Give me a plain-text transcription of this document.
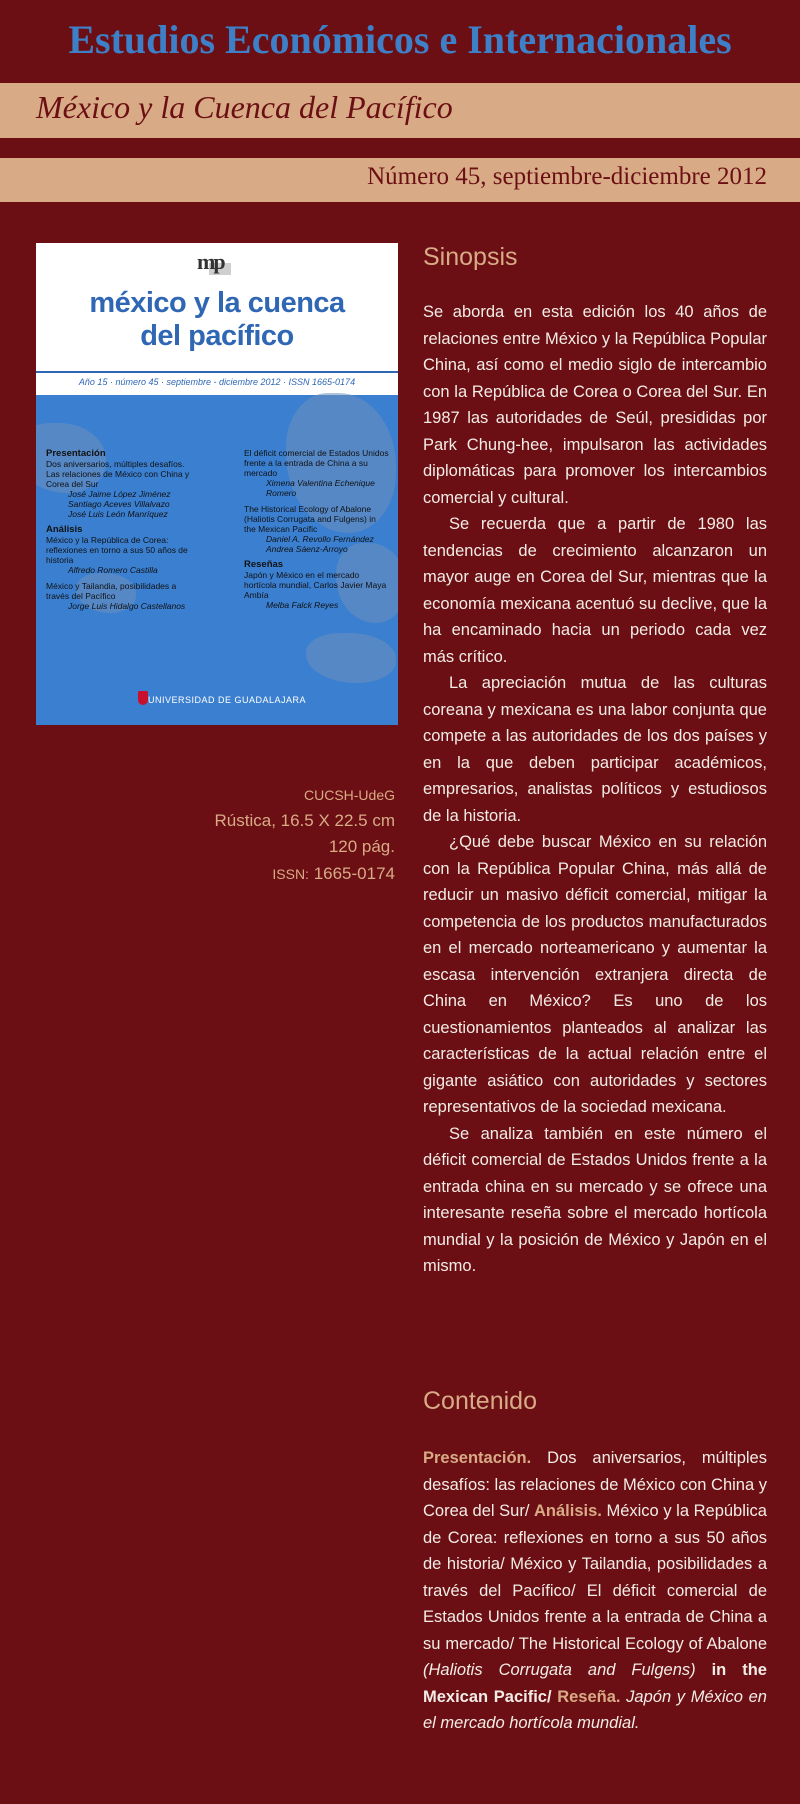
Estudios Económicos e Internacionales
México y la Cuenca del Pacífico
Número 45, septiembre-diciembre 2012
mp
méxico y la cuenca
del pacífico
Año 15 · número 45 · septiembre - diciembre 2012 · ISSN 1665-0174
Presentación
Dos aniversarios, múltiples desafíos. Las relaciones de México con China y Corea del Sur
José Jaime López Jiménez
Santiago Aceves Villalvazo
José Luis León Manríquez
Análisis
México y la República de Corea: reflexiones en torno a sus 50 años de historia
Alfredo Romero Castilla
México y Tailandia, posibilidades a través del Pacífico
Jorge Luis Hidalgo Castellanos
El déficit comercial de Estados Unidos frente a la entrada de China a su mercado
Ximena Valentina Echenique Romero
The Historical Ecology of Abalone (Haliotis Corrugata and Fulgens) in the Mexican Pacific
Daniel A. Revollo Fernández
Andrea Sáenz-Arroyo
Reseñas
Japón y México en el mercado hortícola mundial, Carlos Javier Maya Ambía
Melba Falck Reyes
UNIVERSIDAD DE GUADALAJARA
CUCSH-UdeG
Rústica, 16.5 X 22.5 cm
120 pág.
ISSN: 1665-0174
Sinopsis

Se aborda en esta edición los 40 años de relaciones entre México y la República Popular China, así como el medio siglo de intercambio con la República de Corea o Corea del Sur. En 1987 las autoridades de Seúl, presididas por Park Chung-hee, impulsaron las actividades diplomáticas para promover los intercambios comercial y cultural.

Se recuerda que a partir de 1980 las tendencias de crecimiento alcanzaron un mayor auge en Corea del Sur, mientras que la economía mexicana acentuó su declive, que la ha encaminado hacia un periodo cada vez más crítico.

La apreciación mutua de las culturas coreana y mexicana es una labor conjunta que compete a las autoridades de los dos países y en la que deben participar académicos, empresarios, analistas políticos y estudiosos de la historia.

¿Qué debe buscar México en su relación con la República Popular China, más allá de reducir un masivo déficit comercial, mitigar la competencia de los productos manufacturados en el mercado norteamericano y aumentar la escasa intervención extranjera directa de China en México? Es uno de los cuestionamientos planteados al analizar las características de la actual relación entre el gigante asiático con autoridades y sectores representativos de la sociedad mexicana.

Se analiza también en este número el déficit comercial de Estados Unidos frente a la entrada china en su mercado y se ofrece una interesante reseña sobre el mercado hortícola mundial y la posición de México y Japón en el mismo.

Contenido
Presentación. Dos aniversarios, múltiples desafíos: las relaciones de México con China y Corea del Sur/ Análisis. México y la República de Corea: reflexiones en torno a sus 50 años de historia/ México y Tailandia, posibilidades a través del Pacífico/ El déficit comercial de Estados Unidos frente a la entrada de China a su mercado/ The Historical Ecology of Abalone (Haliotis Corrugata and Fulgens) in the Mexican Pacific/ Reseña. Japón y México en el mercado hortícola mundial.
